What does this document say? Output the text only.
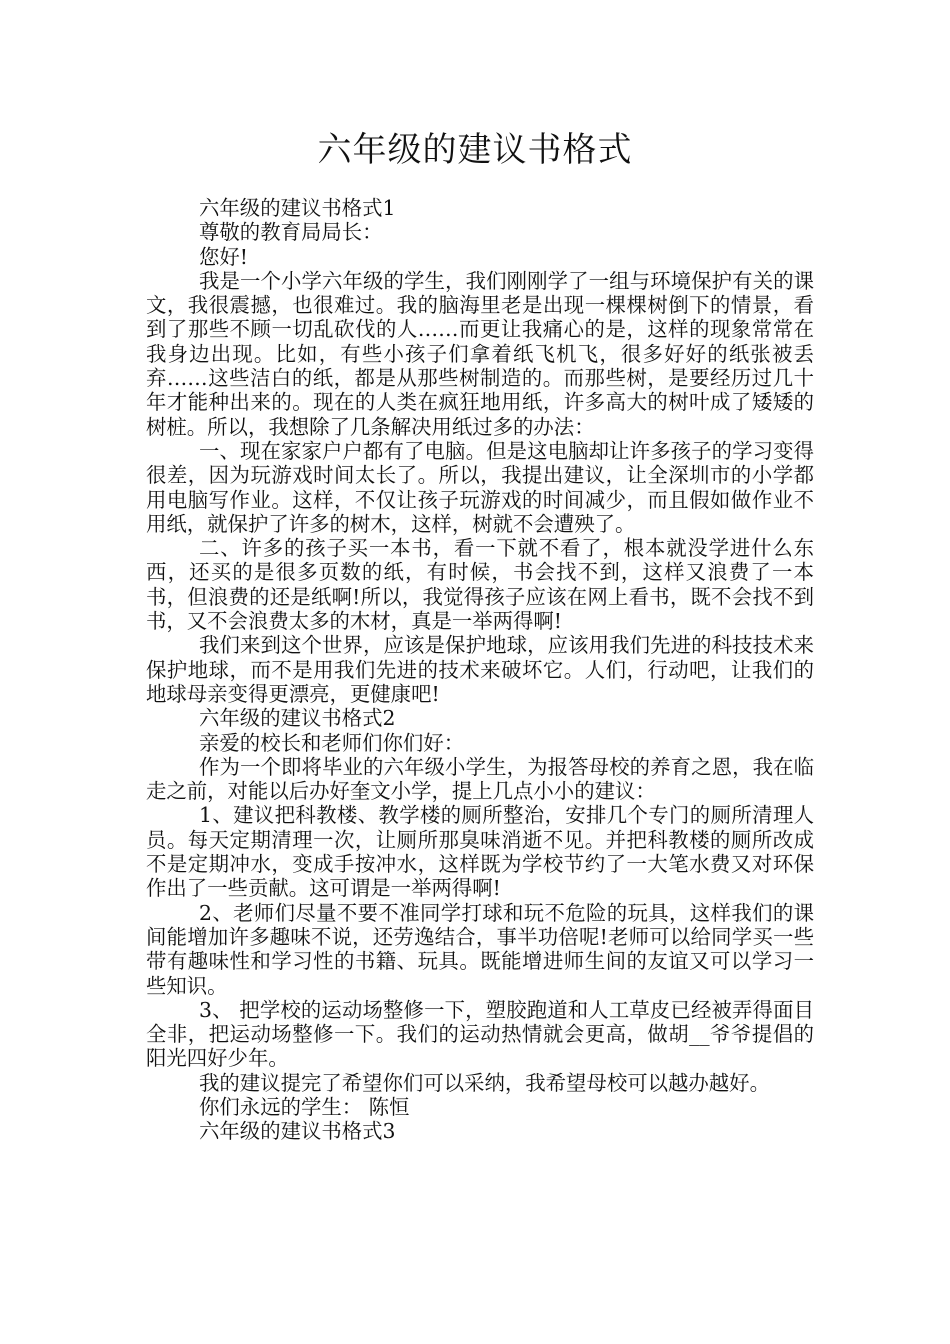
六年级的建议书格式

六年级的建议书格式1

尊敬的教育局局长：

您好!

我是一个小学六年级的学生，我们刚刚学了一组与环境保护有关的课文，我很震撼，也很难过。我的脑海里老是出现一棵棵树倒下的情景，看到了那些不顾一切乱砍伐的人……而更让我痛心的是，这样的现象常常在我身边出现。比如，有些小孩子们拿着纸飞机飞，很多好好的纸张被丢弃……这些洁白的纸，都是从那些树制造的。而那些树，是要经历过几十年才能种出来的。现在的人类在疯狂地用纸，许多高大的树叶成了矮矮的树桩。所以，我想除了几条解决用纸过多的办法：

一、现在家家户户都有了电脑。但是这电脑却让许多孩子的学习变得很差，因为玩游戏时间太长了。所以，我提出建议，让全深圳市的小学都用电脑写作业。这样，不仅让孩子玩游戏的时间减少，而且假如做作业不用纸，就保护了许多的树木，这样，树就不会遭殃了。

二、许多的孩子买一本书，看一下就不看了，根本就没学进什么东西，还买的是很多页数的纸，有时候，书会找不到，这样又浪费了一本书，但浪费的还是纸啊!所以，我觉得孩子应该在网上看书，既不会找不到书，又不会浪费太多的木材，真是一举两得啊!

我们来到这个世界，应该是保护地球，应该用我们先进的科技技术来保护地球，而不是用我们先进的技术来破坏它。人们，行动吧，让我们的地球母亲变得更漂亮，更健康吧!

六年级的建议书格式2

亲爱的校长和老师们你们好：

作为一个即将毕业的六年级小学生，为报答母校的养育之恩，我在临走之前，对能以后办好奎文小学，提上几点小小的建议：

1、建议把科教楼、教学楼的厕所整治，安排几个专门的厕所清理人员。每天定期清理一次，让厕所那臭味消逝不见。并把科教楼的厕所改成不是定期冲水，变成手按冲水，这样既为学校节约了一大笔水费又对环保作出了一些贡献。这可谓是一举两得啊!

2、老师们尽量不要不准同学打球和玩不危险的玩具，这样我们的课间能增加许多趣味不说，还劳逸结合，事半功倍呢!老师可以给同学买一些带有趣味性和学习性的书籍、玩具。既能增进师生间的友谊又可以学习一些知识。

3、 把学校的运动场整修一下，塑胶跑道和人工草皮已经被弄得面目全非，把运动场整修一下。我们的运动热情就会更高，做胡__爷爷提倡的阳光四好少年。

我的建议提完了希望你们可以采纳，我希望母校可以越办越好。

你们永远的学生： 陈恒

六年级的建议书格式3
